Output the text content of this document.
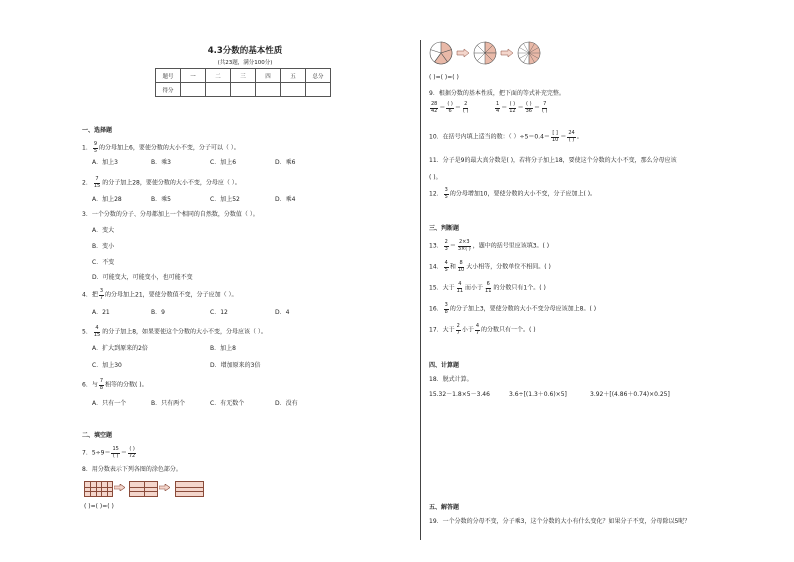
4.3分数的基本性质
(共23题，满分100分)
题号	一	二	三	四	五	总分
得分						
一、选择题
1． $\frac{9}{5}$ 的分母加上6，要使分数的大小不变，分子可以（ ）。
A．加上3	B．乘3	C．加上6	D．乘6
2． $\frac{7}{15}$ 的分子加上28，要使分数的大小不变，分母应（ ）。
A．加上28	B．乘5	C．加上52	D．乘4
3．一个分数的分子、分母都加上一个相同的自然数，分数值（ ）。
A．变大
B．变小
C．不变
D．可能变大，可能变小，也可能不变
4．把 $\frac{3}{7}$ 的分母加上21，要使分数值不变，分子应加（ ）。
A．21	B．9	C．12	D．4
5． $\frac{4}{15}$ 的分子加上8，如果要使这个分数的大小不变，分母应该（ ）。
A．扩大到原来的2倍	B．加上8
C．加上30	D．增加原来的3倍
6．与 $\frac{7}{8}$ 相等的分数( )。
A．只有一个	B．只有两个	C．有无数个	D．没有
二、填空题
7．$5\div 9= \frac{15}{( )} = \frac{( )}{72}$
8．用分数表示下列各图的涂色部分。
( )=( )=( )
( )=( )=( )
9．根据分数的基本性质，把下面的等式补充完整。
$\frac{28}{42} = \frac{( )}{6} = \frac{2}{( )}$	$\frac{1}{4} = \frac{( )}{12} = \frac{( )}{36} = \frac{7}{( )}$
10．在括号内填上适当的数：（ ）$\div 5=0.4= \frac{[ ]}{10} = \frac{24}{( )}$ 。
11．分子是9的最大真分数是( )，若将分子加上18，要使这个分数的大小不变，那么分母应该
( )。
12． $\frac{3}{5}$ 的分母增加10，要使分数的大小不变，分子应加上( )。
三、判断题
13． $\frac{2}{3} = \frac{2\times 3}{3\times( )}$ ，题中的括号里应该填3。( )
14． $\frac{4}{5}$ 和 $\frac{8}{10}$ 大小相等，分数单位不相同。( )
15．大于 $\frac{4}{11}$ 而小于 $\frac{6}{11}$ 的分数只有1个。( )
16． $\frac{3}{8}$ 的分子加上3，要使分数的大小不变分母应该加上8。( )
17．大于 $\frac{2}{7}$ 小于 $\frac{4}{7}$ 的分数只有一个。( )
四、计算题
18．脱式计算。
15.32－1.8×5－3.46	3.6÷[(1.3＋0.6)×5]	3.92＋[(4.86＋0.74)×0.25]
五、解答题
19．一个分数的分母不变，分子乘3，这个分数的大小有什么变化？如果分子不变，分母除以5呢？
